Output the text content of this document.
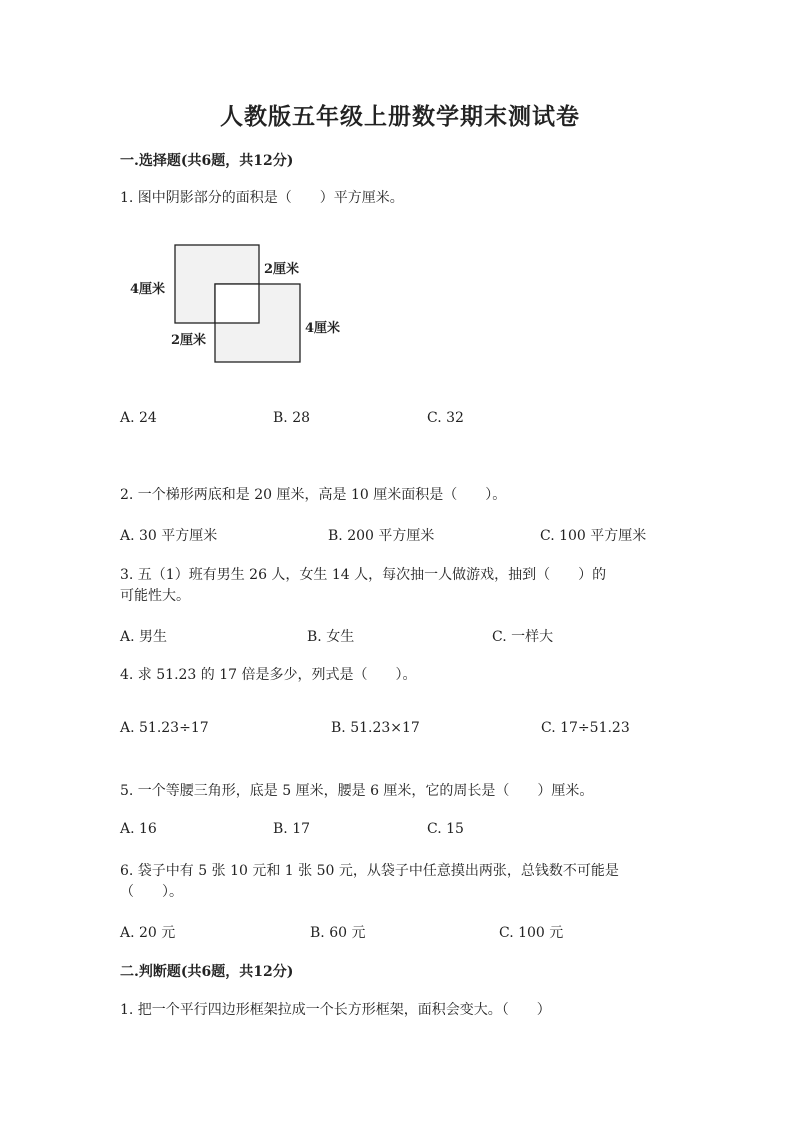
人教版五年级上册数学期末测试卷
一.选择题(共6题，共12分)
1. 图中阴影部分的面积是（　　）平方厘米。
4厘米
2厘米
2厘米
4厘米
A. 24	B. 28	C. 32
2. 一个梯形两底和是 20 厘米，高是 10 厘米面积是（　　）。
A. 30 平方厘米	B. 200 平方厘米	C. 100 平方厘米
3. 五（1）班有男生 26 人，女生 14 人，每次抽一人做游戏，抽到（　　）的
可能性大。
A. 男生	B. 女生	C. 一样大
4. 求 51.23 的 17 倍是多少，列式是（　　）。
A. 51.23÷17	B. 51.23×17	C. 17÷51.23
5. 一个等腰三角形，底是 5 厘米，腰是 6 厘米，它的周长是（　　）厘米。
A. 16	B. 17	C. 15
6. 袋子中有 5 张 10 元和 1 张 50 元，从袋子中任意摸出两张，总钱数不可能是
（　　）。
A. 20 元	B. 60 元	C. 100 元
二.判断题(共6题，共12分)
1. 把一个平行四边形框架拉成一个长方形框架，面积会变大。（　　）
